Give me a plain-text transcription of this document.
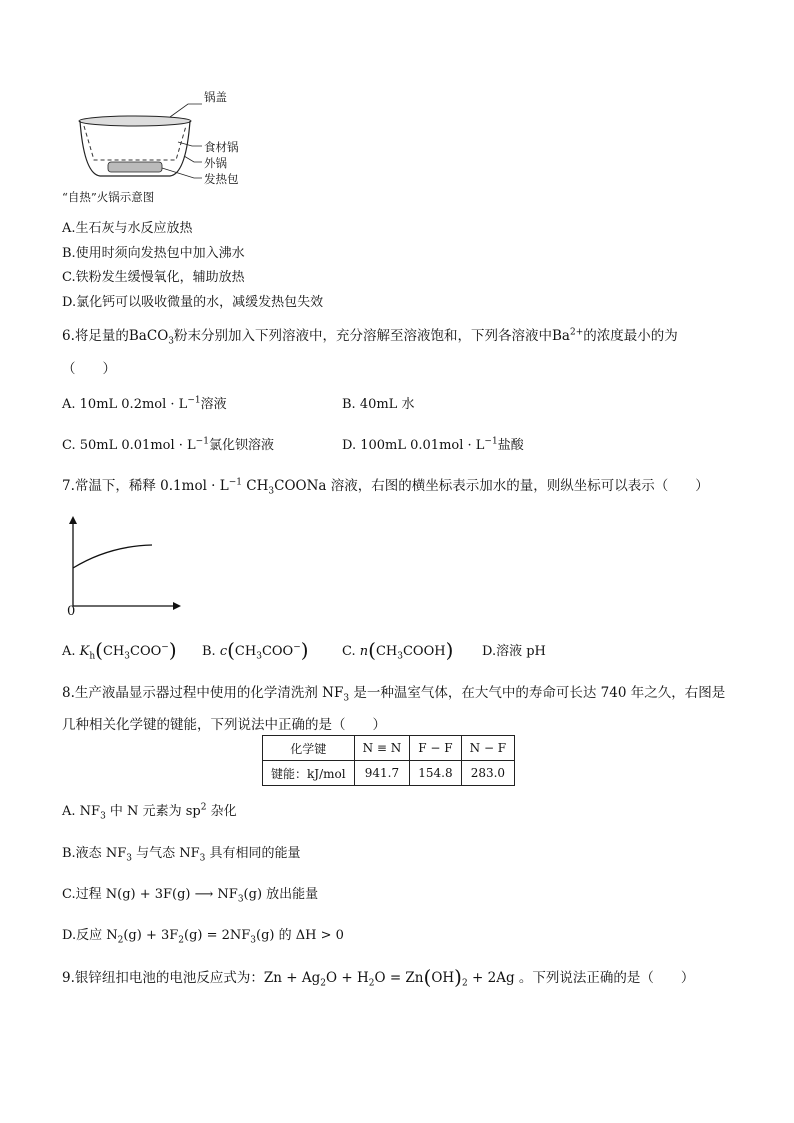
锅盖
食材锅
外锅
发热包
“自热”火锅示意图
A.生石灰与水反应放热
B.使用时须向发热包中加入沸水
C.铁粉发生缓慢氧化，辅助放热
D.氯化钙可以吸收微量的水，减缓发热包失效
6.将足量的BaCO$_3$粉末分别加入下列溶液中，充分溶解至溶液饱和，下列各溶液中$Ba^{2+}$的浓度最小的为
（　　）
A. 10mL $0.2mol \cdot L^{-1}$溶液	B. 40mL 水
C. 50mL $0.01mol \cdot L^{-1}$氯化钡溶液	D. 100mL $0.01mol \cdot L^{-1}$盐酸
7.常温下，稀释 $0.1mol \cdot L^{-1}$ $CH_3COONa$ 溶液，右图的横坐标表示加水的量，则纵坐标可以表示（　　）
0
A. $K_h(CH_3COO^-)$ B. $c(CH_3COO^-)$	C. $n(CH_3COOH)$ D.溶液 pH
8.生产液晶显示器过程中使用的化学清洗剂 $NF_3$ 是一种温室气体，在大气中的寿命可长达 740 年之久，右图是
几种相关化学键的键能，下列说法中正确的是（　　）
化学键	N ≡ N	F − F	N − F
键能：kJ/mol	941.7	154.8	283.0
A. $NF_3$ 中 N 元素为 $sp^2$ 杂化
B.液态 $NF_3$ 与气态 $NF_3$ 具有相同的能量
C.过程 N(g) + 3F(g) ⟶ $NF_3(g)$ 放出能量
D.反应 $N_2(g) + 3F_2(g) = 2NF_3(g)$ 的 ΔH > 0
9.银锌纽扣电池的电池反应式为：$Zn + Ag_2O + H_2O = Zn(OH)_2 + 2Ag$ 。下列说法正确的是（　　）
